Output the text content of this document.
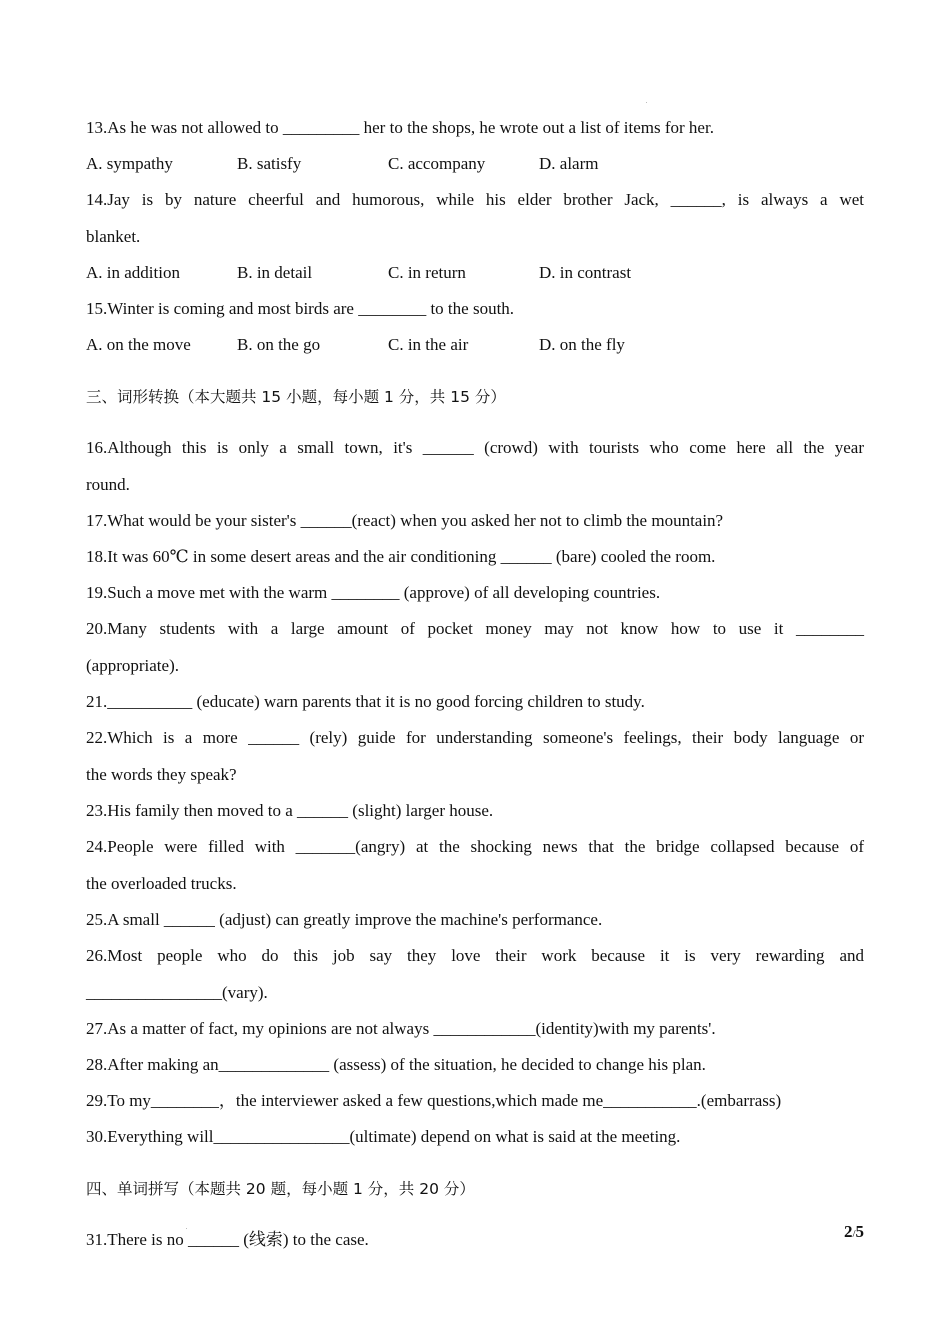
13.As he was not allowed to _________ her to the shops, he wrote out a list of items for her.

A. sympathy	B. satisfy	C. accompany	D. alarm

14.Jay is by nature cheerful and humorous, while his elder brother Jack, ______, is always a wet

blanket.

A. in addition	B. in detail	C. in return	D. in contrast

15.Winter is coming and most birds are ________ to the south.

A. on the move	B. on the go	C. in the air	D. on the fly

三、词形转换（本大题共 15 小题，每小题 1 分，共 15 分）

16.Although this is only a small town, it's ______ (crowd) with tourists who come here all the year

round.

17.What would be your sister's ______(react) when you asked her not to climb the mountain?

18.It was 60℃ in some desert areas and the air conditioning ______ (bare) cooled the room.

19.Such a move met with the warm ________ (approve) of all developing countries.

20.Many students with a large amount of pocket money may not know how to use it ________

(appropriate).

21.__________ (educate) warn parents that it is no good forcing children to study.

22.Which is a more ______ (rely) guide for understanding someone's feelings, their body language or

the words they speak?

23.His family then moved to a ______ (slight) larger house.

24.People were filled with _______(angry) at the shocking news that the bridge collapsed because of

the overloaded trucks.

25.A small ______ (adjust) can greatly improve the machine's performance.

26.Most people who do this job say they love their work because it is very rewarding and

________________(vary).

27.As a matter of fact, my opinions are not always ____________(identity)with my parents'.

28.After making an_____________ (assess) of the situation, he decided to change his plan.

29.To my________，the interviewer asked a few questions,which made me___________.(embarrass)

30.Everything will________________(ultimate) depend on what is said at the meeting.

四、单词拼写（本题共 20 题，每小题 1 分，共 20 分）

31.There is no ______ (线索) to the case.	2/5
